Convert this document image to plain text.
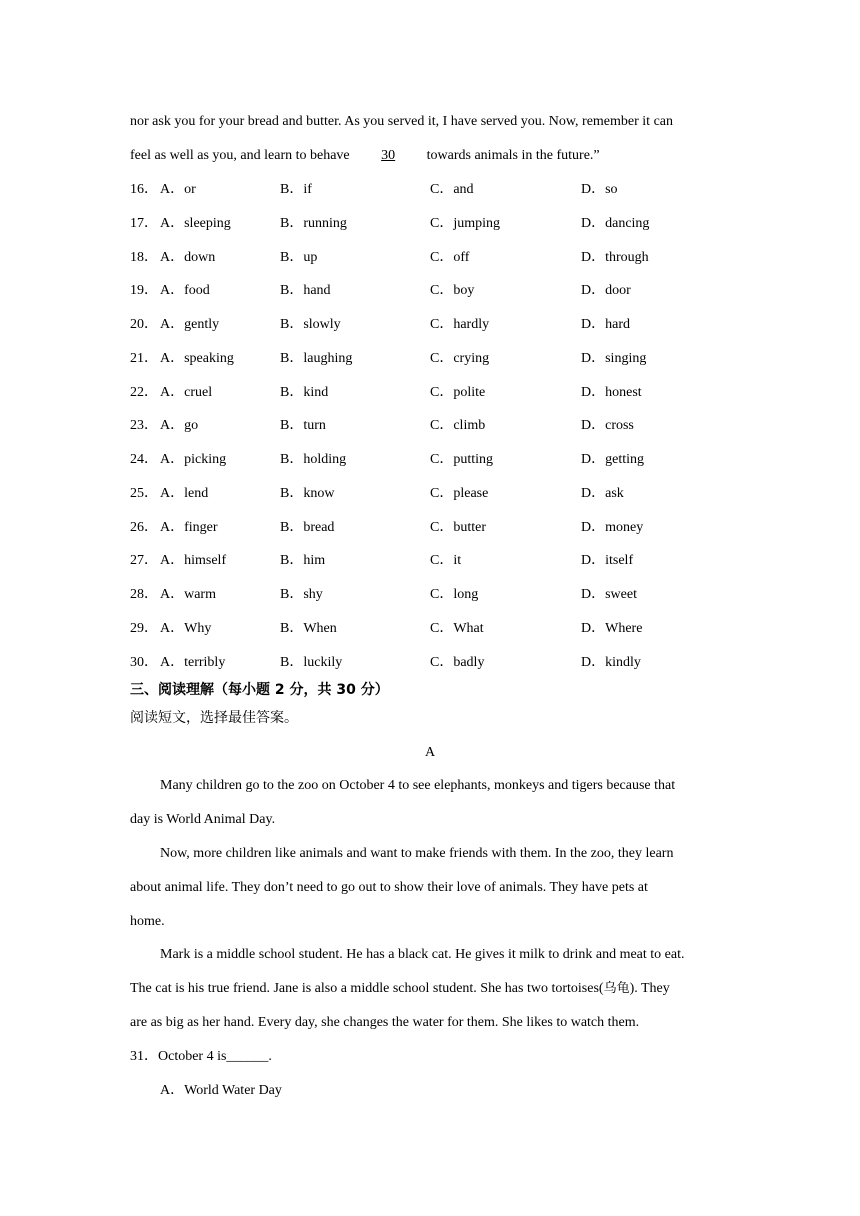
nor ask you for your bread and butter. As you served it, I have served you. Now, remember it can
feel as well as you, and learn to behave 30 towards animals in the future.”
16． A．or	B．if	C．and	D．so
17． A．sleeping	B．running	C．jumping	D．dancing
18． A．down	B．up	C．off	D．through
19． A．food	B．hand	C．boy	D．door
20． A．gently	B．slowly	C．hardly	D．hard
21． A．speaking	B．laughing	C．crying	D．singing
22． A．cruel	B．kind	C．polite	D．honest
23． A．go	B．turn	C．climb	D．cross
24． A．picking	B．holding	C．putting	D．getting
25． A．lend	B．know	C．please	D．ask
26． A．finger	B．bread	C．butter	D．money
27． A．himself	B．him	C．it	D．itself
28． A．warm	B．shy	C．long	D．sweet
29． A．Why	B．When	C．What	D．Where
30． A．terribly	B．luckily	C．badly	D．kindly
三、阅读理解（每小题 2 分，共 30 分）
阅读短文，选择最佳答案。
A
Many children go to the zoo on October 4 to see elephants, monkeys and tigers because that
day is World Animal Day.
Now, more children like animals and want to make friends with them. In the zoo, they learn
about animal life. They don’t need to go out to show their love of animals. They have pets at
home.
Mark is a middle school student. He has a black cat. He gives it milk to drink and meat to eat.
The cat is his true friend. Jane is also a middle school student. She has two tortoises(乌龟). They
are as big as her hand. Every day, she changes the water for them. She likes to watch them.
31．October 4 is______.
A．World Water Day
